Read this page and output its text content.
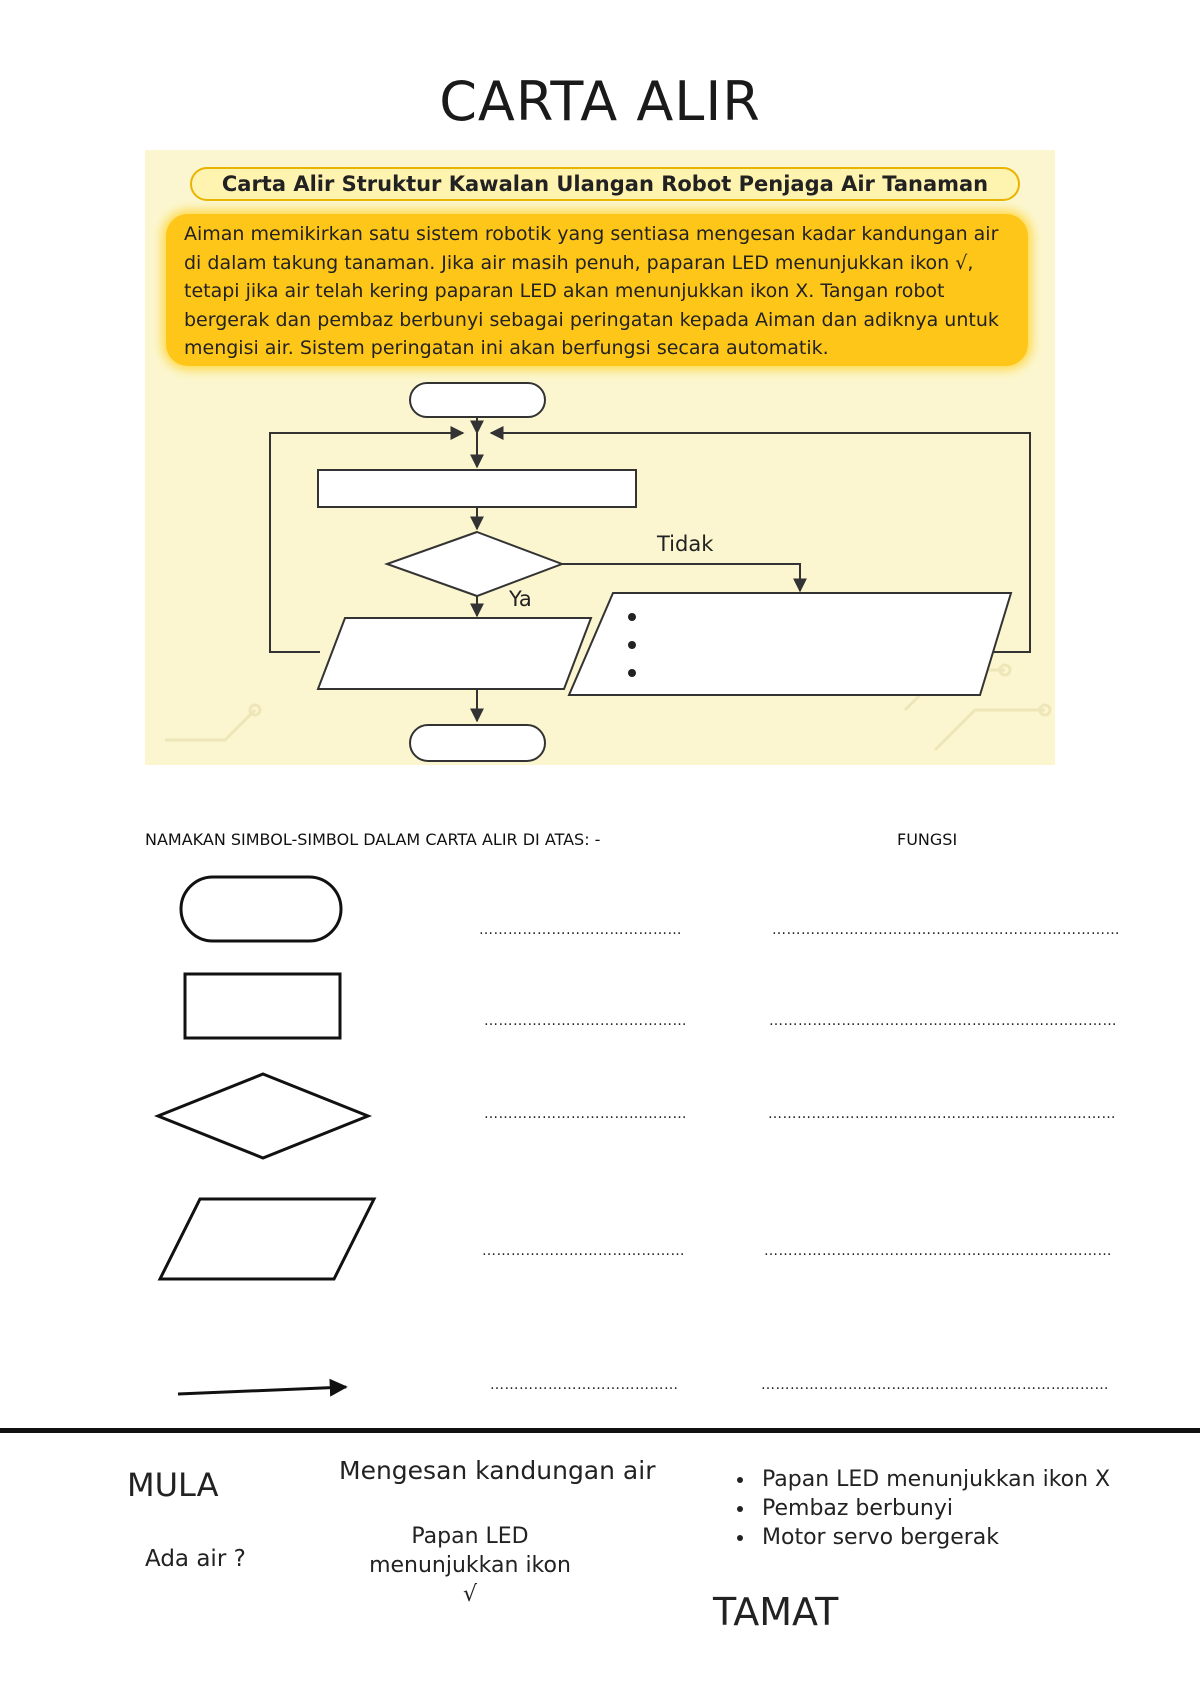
CARTA ALIR
Carta Alir Struktur Kawalan Ulangan Robot Penjaga Air Tanaman
Aiman memikirkan satu sistem robotik yang sentiasa mengesan kadar kandungan air di dalam takung tanaman. Jika air masih penuh, paparan LED menunjukkan ikon √, tetapi jika air telah kering paparan LED akan menunjukkan ikon X. Tangan robot bergerak dan pembaz berbunyi sebagai peringatan kepada Aiman dan adiknya untuk mengisi air. Sistem peringatan ini akan berfungsi secara automatik.
Tidak
Ya
NAMAKAN SIMBOL-SIMBOL DALAM CARTA ALIR DI ATAS: -	FUNGSI
……………………………………	………………………………………………………………
……………………………………	………………………………………………………………
……………………………………	………………………………………………………………
……………………………………	………………………………………………………………
…………………………………	………………………………………………………………
MULA
Ada air ?
Mengesan kandungan air
Papan LED
menunjukkan ikon √
• Papan LED menunjukkan ikon X
• Pembaz berbunyi
• Motor servo bergerak
TAMAT
